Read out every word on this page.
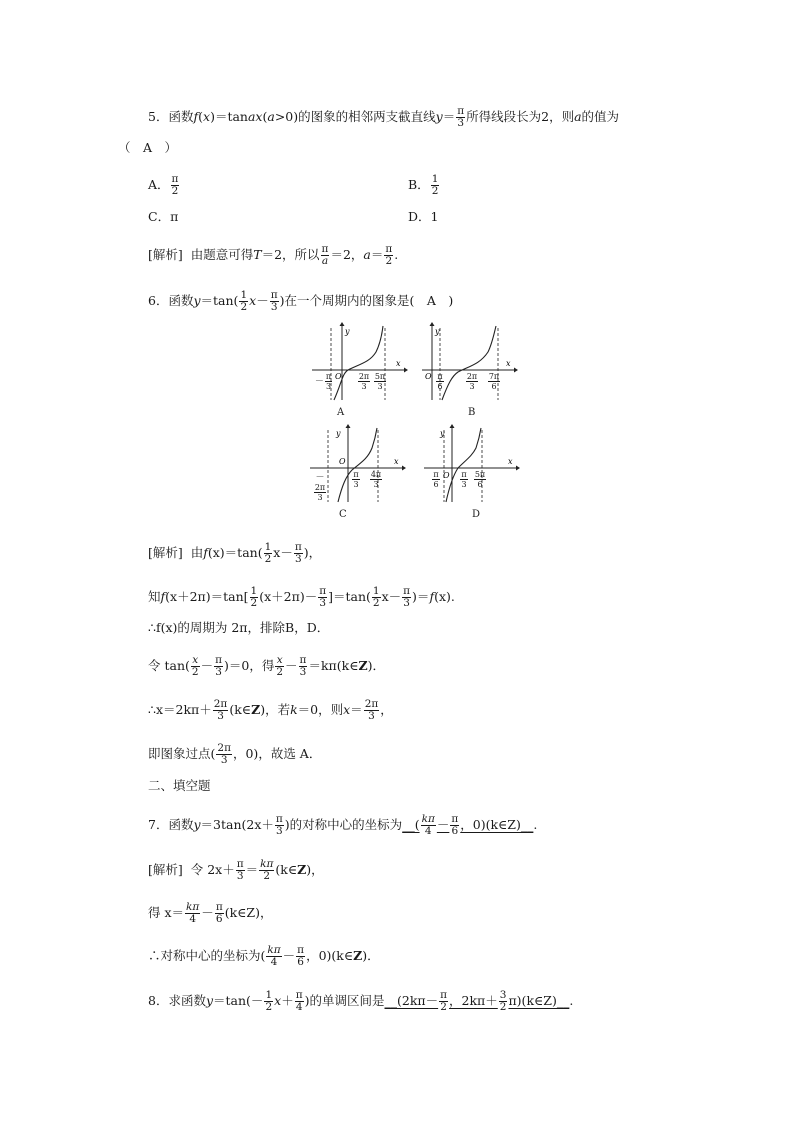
5．函数f(x)＝tanax(a>0)的图象的相邻两支截直线$y= \frac{\pi}{3}$ 所得线段长为2，则a的值为
（　A　）
A． $\frac{\pi}{2}$	B． $\frac{1}{2}$
C．π	D．1
[解析] 由题意可得T＝2，所以 $\frac{\pi}{a} =2$，$a= \frac{\pi}{2}$ .
6．函数$y=\tan( \frac{1}{2} x- \frac{\pi}{3}$ )在一个周期内的图象是(　A　)
y
x
O
－ $\frac{\pi}{3}$	$\frac{2\pi}{3} \frac{5\pi}{3}$
A
y
x
O $\frac{\pi}{6}$	$\frac{2\pi}{3} \frac{7\pi}{6}$
B
y
x
O
－
$\frac{2\pi}{3}$
$\frac{\pi}{3} \frac{4\pi}{3}$
C
y
x
O
$\frac{\pi}{6}$	$\frac{\pi}{3} \frac{5\pi}{6}$
D
[解析] 由$f(x)=\tan( \frac{1}{2} x- \frac{\pi}{3}$ )，
知$f(x+2\pi)=\tan[ \frac{1}{2} (x+2\pi)- \frac{\pi}{3} ]=\tan( \frac{1}{2} x- \frac{\pi}{3} )=f(x)$.
∴f(x)的周期为 2π，排除B，D．
令 $\tan( \frac{x}{2} - \frac{\pi}{3} )=0$，得 $\frac{x}{2} - \frac{\pi}{3}$ ＝kπ(k∈Z)．
∴x＝2kπ＋ $\frac{2\pi}{3}$ (k∈Z)，若k＝0，则$x= \frac{2\pi}{3}$ ，
即图象过点( $\frac{2\pi}{3}$ ，0)，故选 A．
二、填空题
7．函数$y=3\tan(2x+ \frac{\pi}{3}$ )的对称中心的坐标为__( $\frac{k\pi}{4} - \frac{\pi}{6}$ ，0)(k∈Z)__.
[解析] 令 $2x+ \frac{\pi}{3} = \frac{k\pi}{2}$ (k∈Z)，
得 $x= \frac{k\pi}{4} - \frac{\pi}{6}$ (k∈Z)，
∴对称中心的坐标为( $\frac{k\pi}{4} - \frac{\pi}{6}$ ，0)(k∈Z)．
8．求函数$y=\tan(- \frac{1}{2} x+ \frac{\pi}{4}$ )的单调区间是__(2kπ－ $\frac{\pi}{2}$ ，$2k\pi+ \frac{3}{2}$ π)(k∈Z)__.
